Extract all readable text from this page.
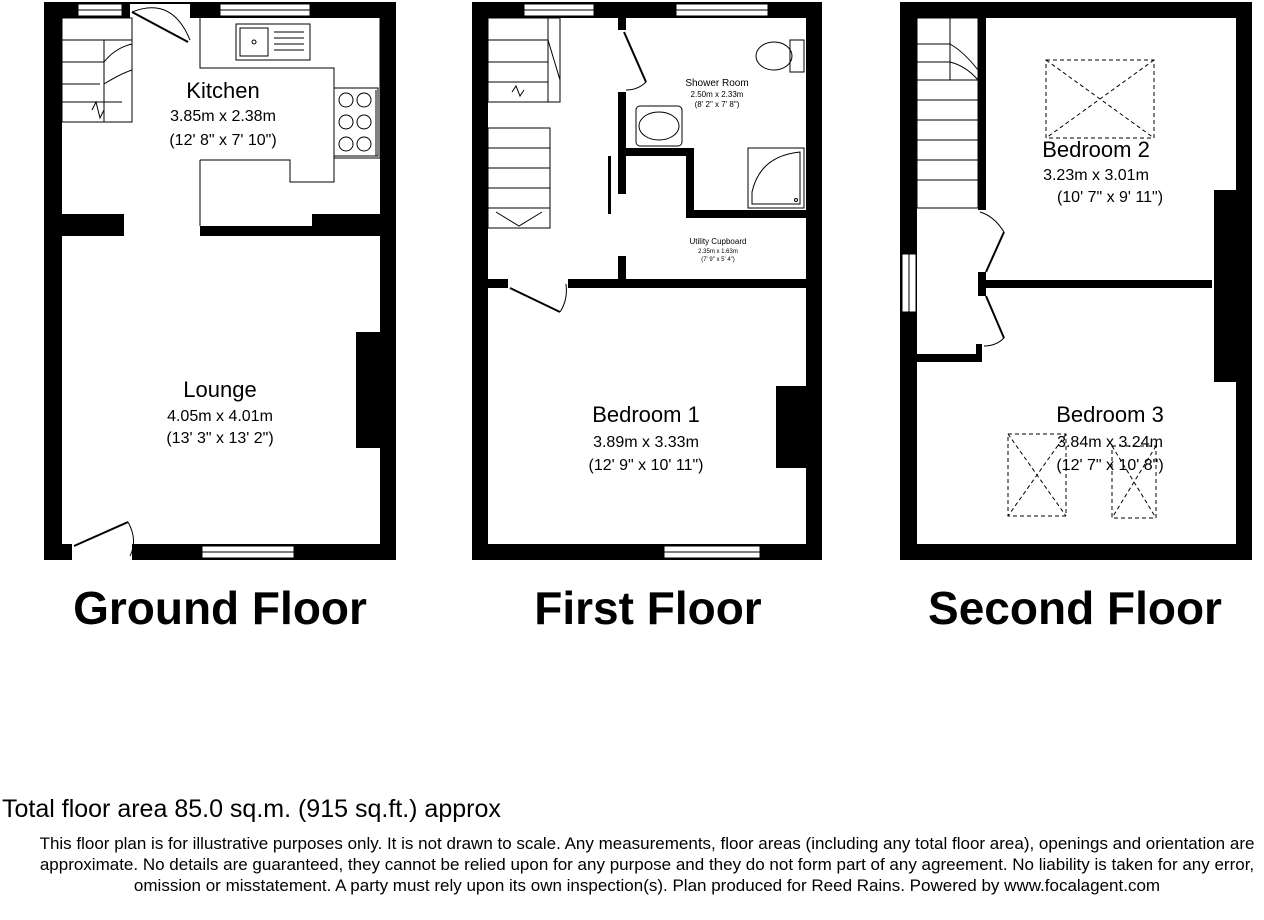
Kitchen
3.85m x 2.38m
(12' 8" x 7' 10")
Lounge
4.05m x 4.01m
(13' 3" x 13' 2")
Ground Floor
Shower Room
2.50m x 2.33m
(8' 2" x 7' 8")
Utility Cupboard
2.35m x 1.63m
(7' 9" x 5' 4")
Bedroom 1
3.89m x 3.33m
(12' 9" x 10' 11")
First Floor
Bedroom 2
3.23m x 3.01m
(10' 7" x 9' 11")
Bedroom 3
3.84m x 3.24m
(12' 7" x 10' 8")
Second Floor
Total floor area 85.0 sq.m. (915 sq.ft.) approx
This floor plan is for illustrative purposes only. It is not drawn to scale. Any measurements, floor areas (including any total floor area), openings and orientation are approximate. No details are guaranteed, they cannot be relied upon for any purpose and they do not form part of any agreement. No liability is taken for any error, omission or misstatement. A party must rely upon its own inspection(s). Plan produced for Reed Rains. Powered by www.focalagent.com
